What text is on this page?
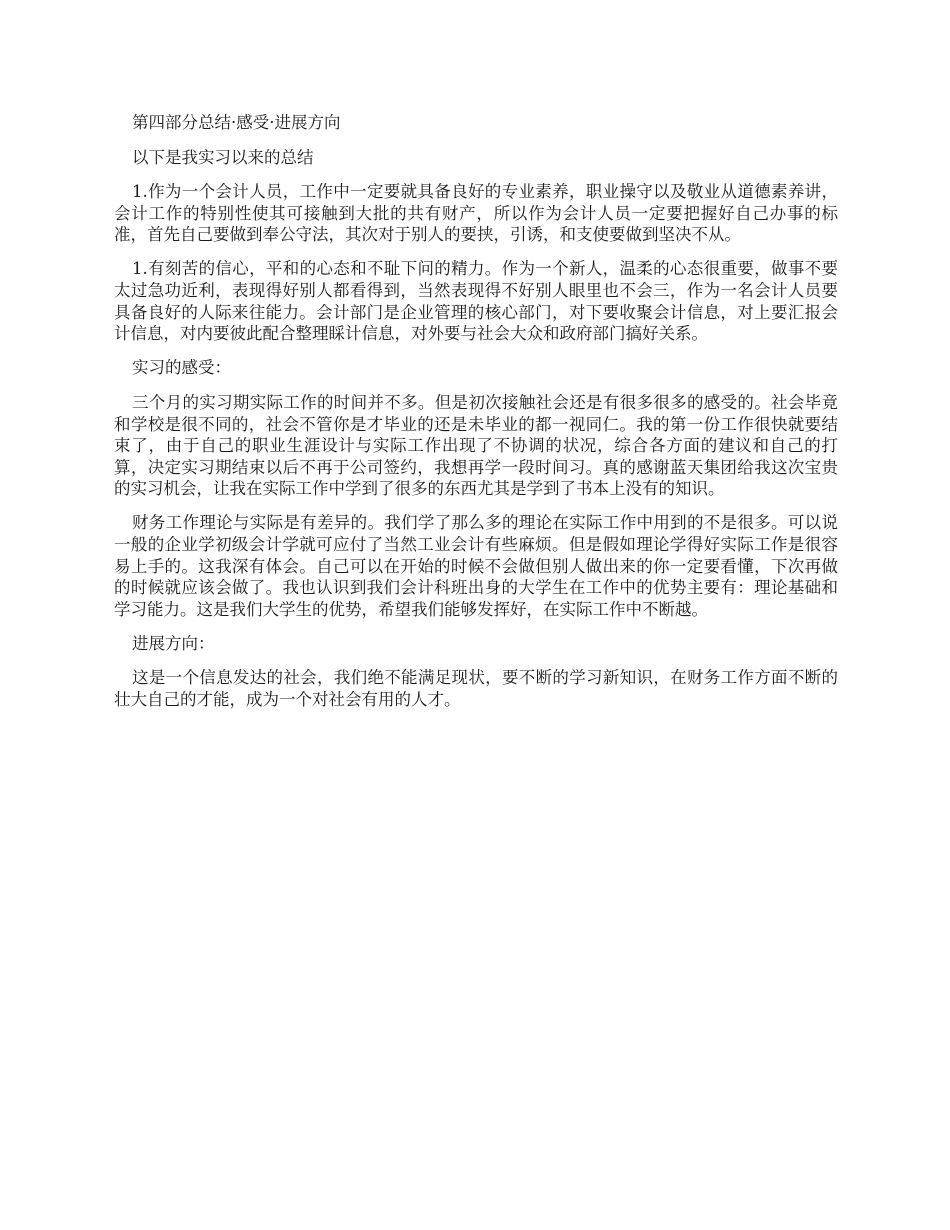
第四部分总结·感受·进展方向

以下是我实习以来的总结

1.作为一个会计人员，工作中一定要就具备良好的专业素养，职业操守以及敬业从道德素养讲，会计工作的特别性使其可接触到大批的共有财产，所以作为会计人员一定要把握好自己办事的标准，首先自己要做到奉公守法，其次对于别人的要挟，引诱，和支使要做到坚决不从。

1.有刻苦的信心，平和的心态和不耻下问的精力。作为一个新人，温柔的心态很重要，做事不要太过急功近利，表现得好别人都看得到，当然表现得不好别人眼里也不会三，作为一名会计人员要具备良好的人际来往能力。会计部门是企业管理的核心部门，对下要收聚会计信息，对上要汇报会计信息，对内要彼此配合整理睬计信息，对外要与社会大众和政府部门搞好关系。

实习的感受：

三个月的实习期实际工作的时间并不多。但是初次接触社会还是有很多很多的感受的。社会毕竟和学校是很不同的，社会不管你是才毕业的还是未毕业的都一视同仁。我的第一份工作很快就要结束了，由于自己的职业生涯设计与实际工作出现了不协调的状况，综合各方面的建议和自己的打算，决定实习期结束以后不再于公司签约，我想再学一段时间习。真的感谢蓝天集团给我这次宝贵的实习机会，让我在实际工作中学到了很多的东西尤其是学到了书本上没有的知识。

财务工作理论与实际是有差异的。我们学了那么多的理论在实际工作中用到的不是很多。可以说一般的企业学初级会计学就可应付了当然工业会计有些麻烦。但是假如理论学得好实际工作是很容易上手的。这我深有体会。自己可以在开始的时候不会做但别人做出来的你一定要看懂，下次再做的时候就应该会做了。我也认识到我们会计科班出身的大学生在工作中的优势主要有：理论基础和学习能力。这是我们大学生的优势，希望我们能够发挥好，在实际工作中不断越。

进展方向：

这是一个信息发达的社会，我们绝不能满足现状，要不断的学习新知识，在财务工作方面不断的壮大自己的才能，成为一个对社会有用的人才。
